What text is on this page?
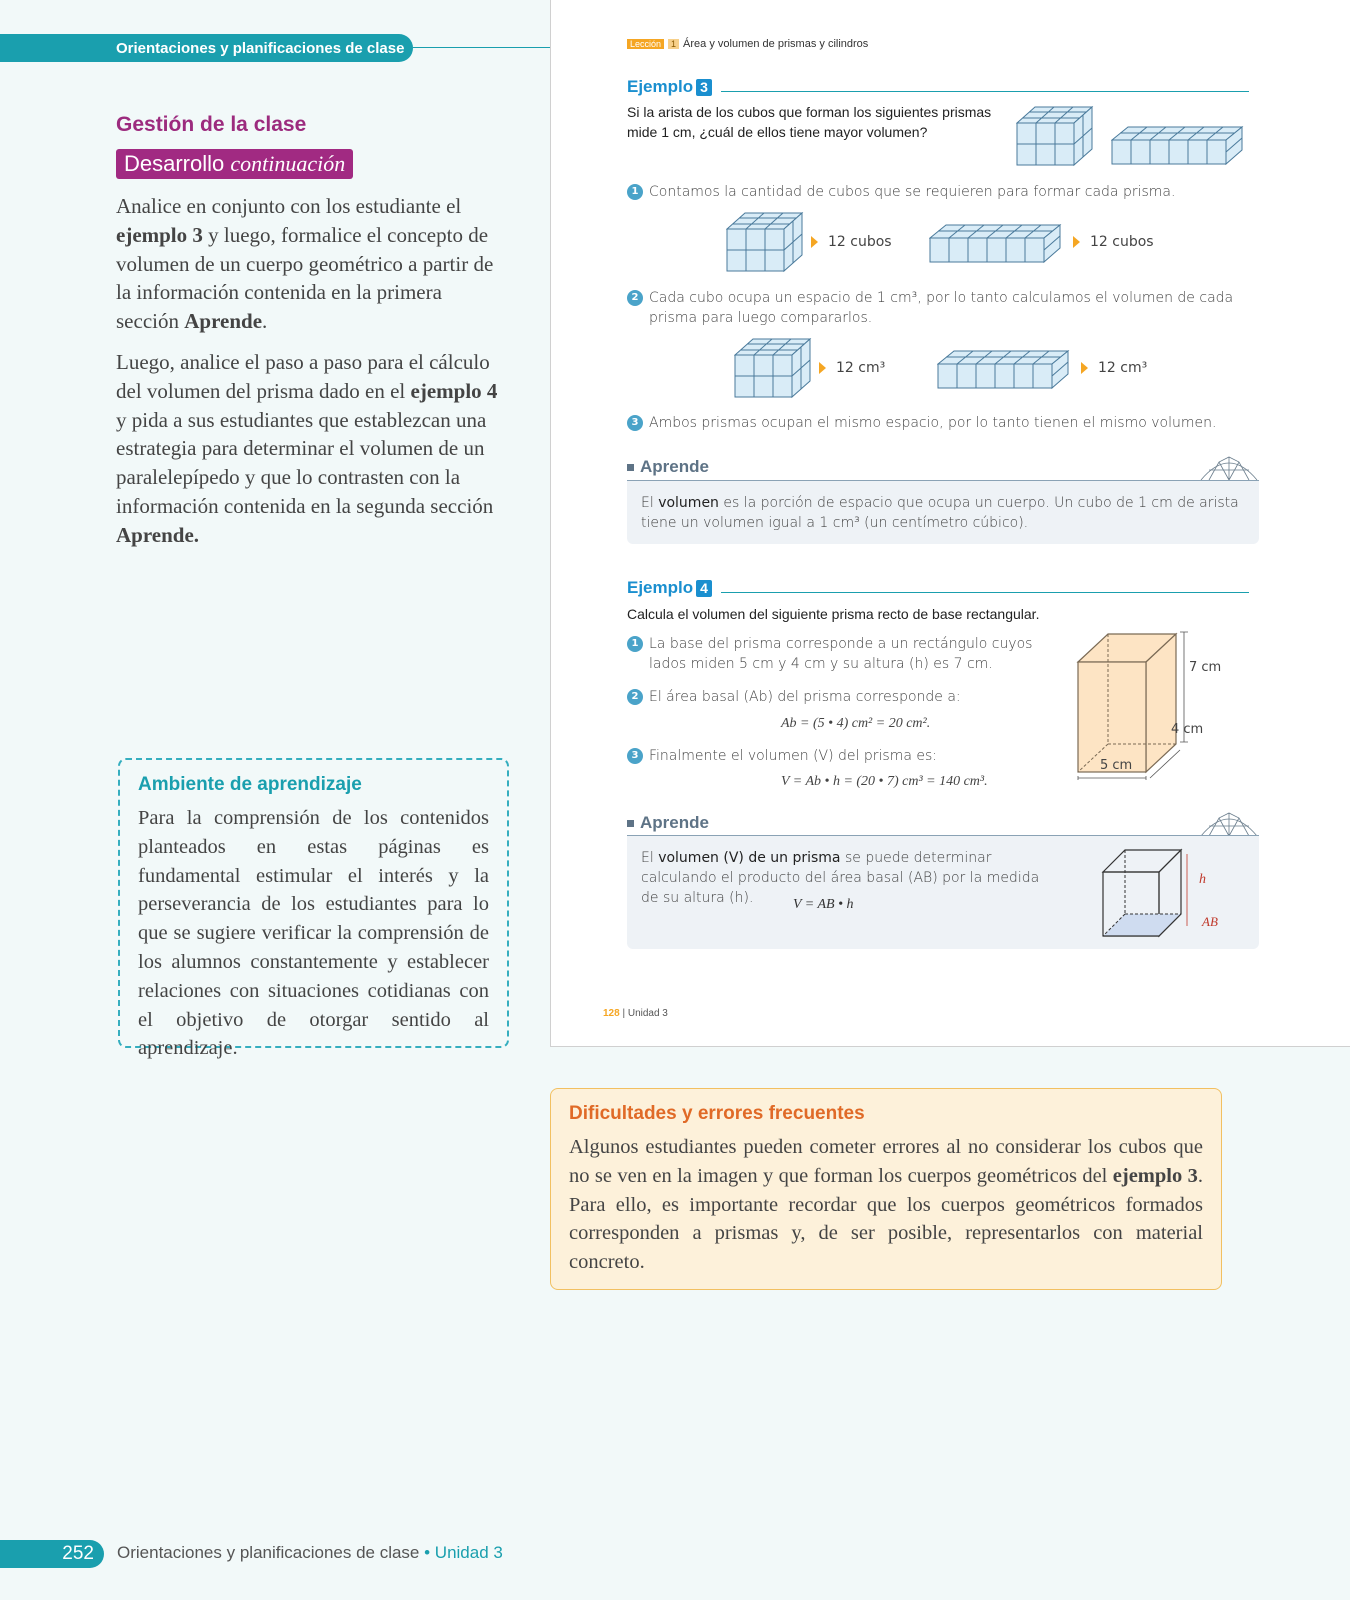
Orientaciones y planificaciones de clase
Gestión de la clase
Desarrollo continuación

Analice en conjunto con los estudiante el ejemplo 3 y luego, formalice el concepto de volumen de un cuerpo geométrico a partir de la información contenida en la primera sección Aprende.

Luego, analice el paso a paso para el cálculo del volumen del prisma dado en el ejemplo 4 y pida a sus estudiantes que establezcan una estrategia para determinar el volumen de un paralelepípedo y que lo contrasten con la información contenida en la segunda sección Aprende.

Ambiente de aprendizaje
Para la comprensión de los contenidos planteados en estas páginas es fundamental estimular el interés y la perseverancia de los estudiantes para lo que se sugiere verificar la comprensión de los alumnos constantemente y establecer relaciones con situaciones cotidianas con el objetivo de otorgar sentido al aprendizaje.
Lección	1 Área y volumen de prismas y cilindros
Ejemplo 3
Si la arista de los cubos que forman los siguientes prismas mide 1 cm, ¿cuál de ellos tiene mayor volumen?
1 Contamos la cantidad de cubos que se requieren para formar cada prisma.
12 cubos	12 cubos
2 Cada cubo ocupa un espacio de 1 cm³, por lo tanto calculamos el volumen de cada prisma para luego compararlos.
12 cm³	12 cm³
3 Ambos prismas ocupan el mismo espacio, por lo tanto tienen el mismo volumen.
Aprende
El volumen es la porción de espacio que ocupa un cuerpo. Un cubo de 1 cm de arista tiene un volumen igual a 1 cm³ (un centímetro cúbico).
Ejemplo 4
Calcula el volumen del siguiente prisma recto de base rectangular.
1 La base del prisma corresponde a un rectángulo cuyos lados miden 5 cm y 4 cm y su altura (h) es 7 cm.
2 El área basal (Ab) del prisma corresponde a:
Ab = (5 • 4) cm² = 20 cm².
3 Finalmente el volumen (V) del prisma es:
V = Ab • h = (20 • 7) cm³ = 140 cm³.
7 cm
4 cm
5 cm
Aprende
El volumen (V) de un prisma se puede determinar calculando el producto del área basal (AB) por la medida de su altura (h).	V = AB • h
h
AB
128 | Unidad 3
Dificultades y errores frecuentes
Algunos estudiantes pueden cometer errores al no considerar los cubos que no se ven en la imagen y que forman los cuerpos geométricos del ejemplo 3. Para ello, es importante recordar que los cuerpos geométricos formados corresponden a prismas y, de ser posible, representarlos con material concreto.
252	Orientaciones y planificaciones de clase • Unidad 3
